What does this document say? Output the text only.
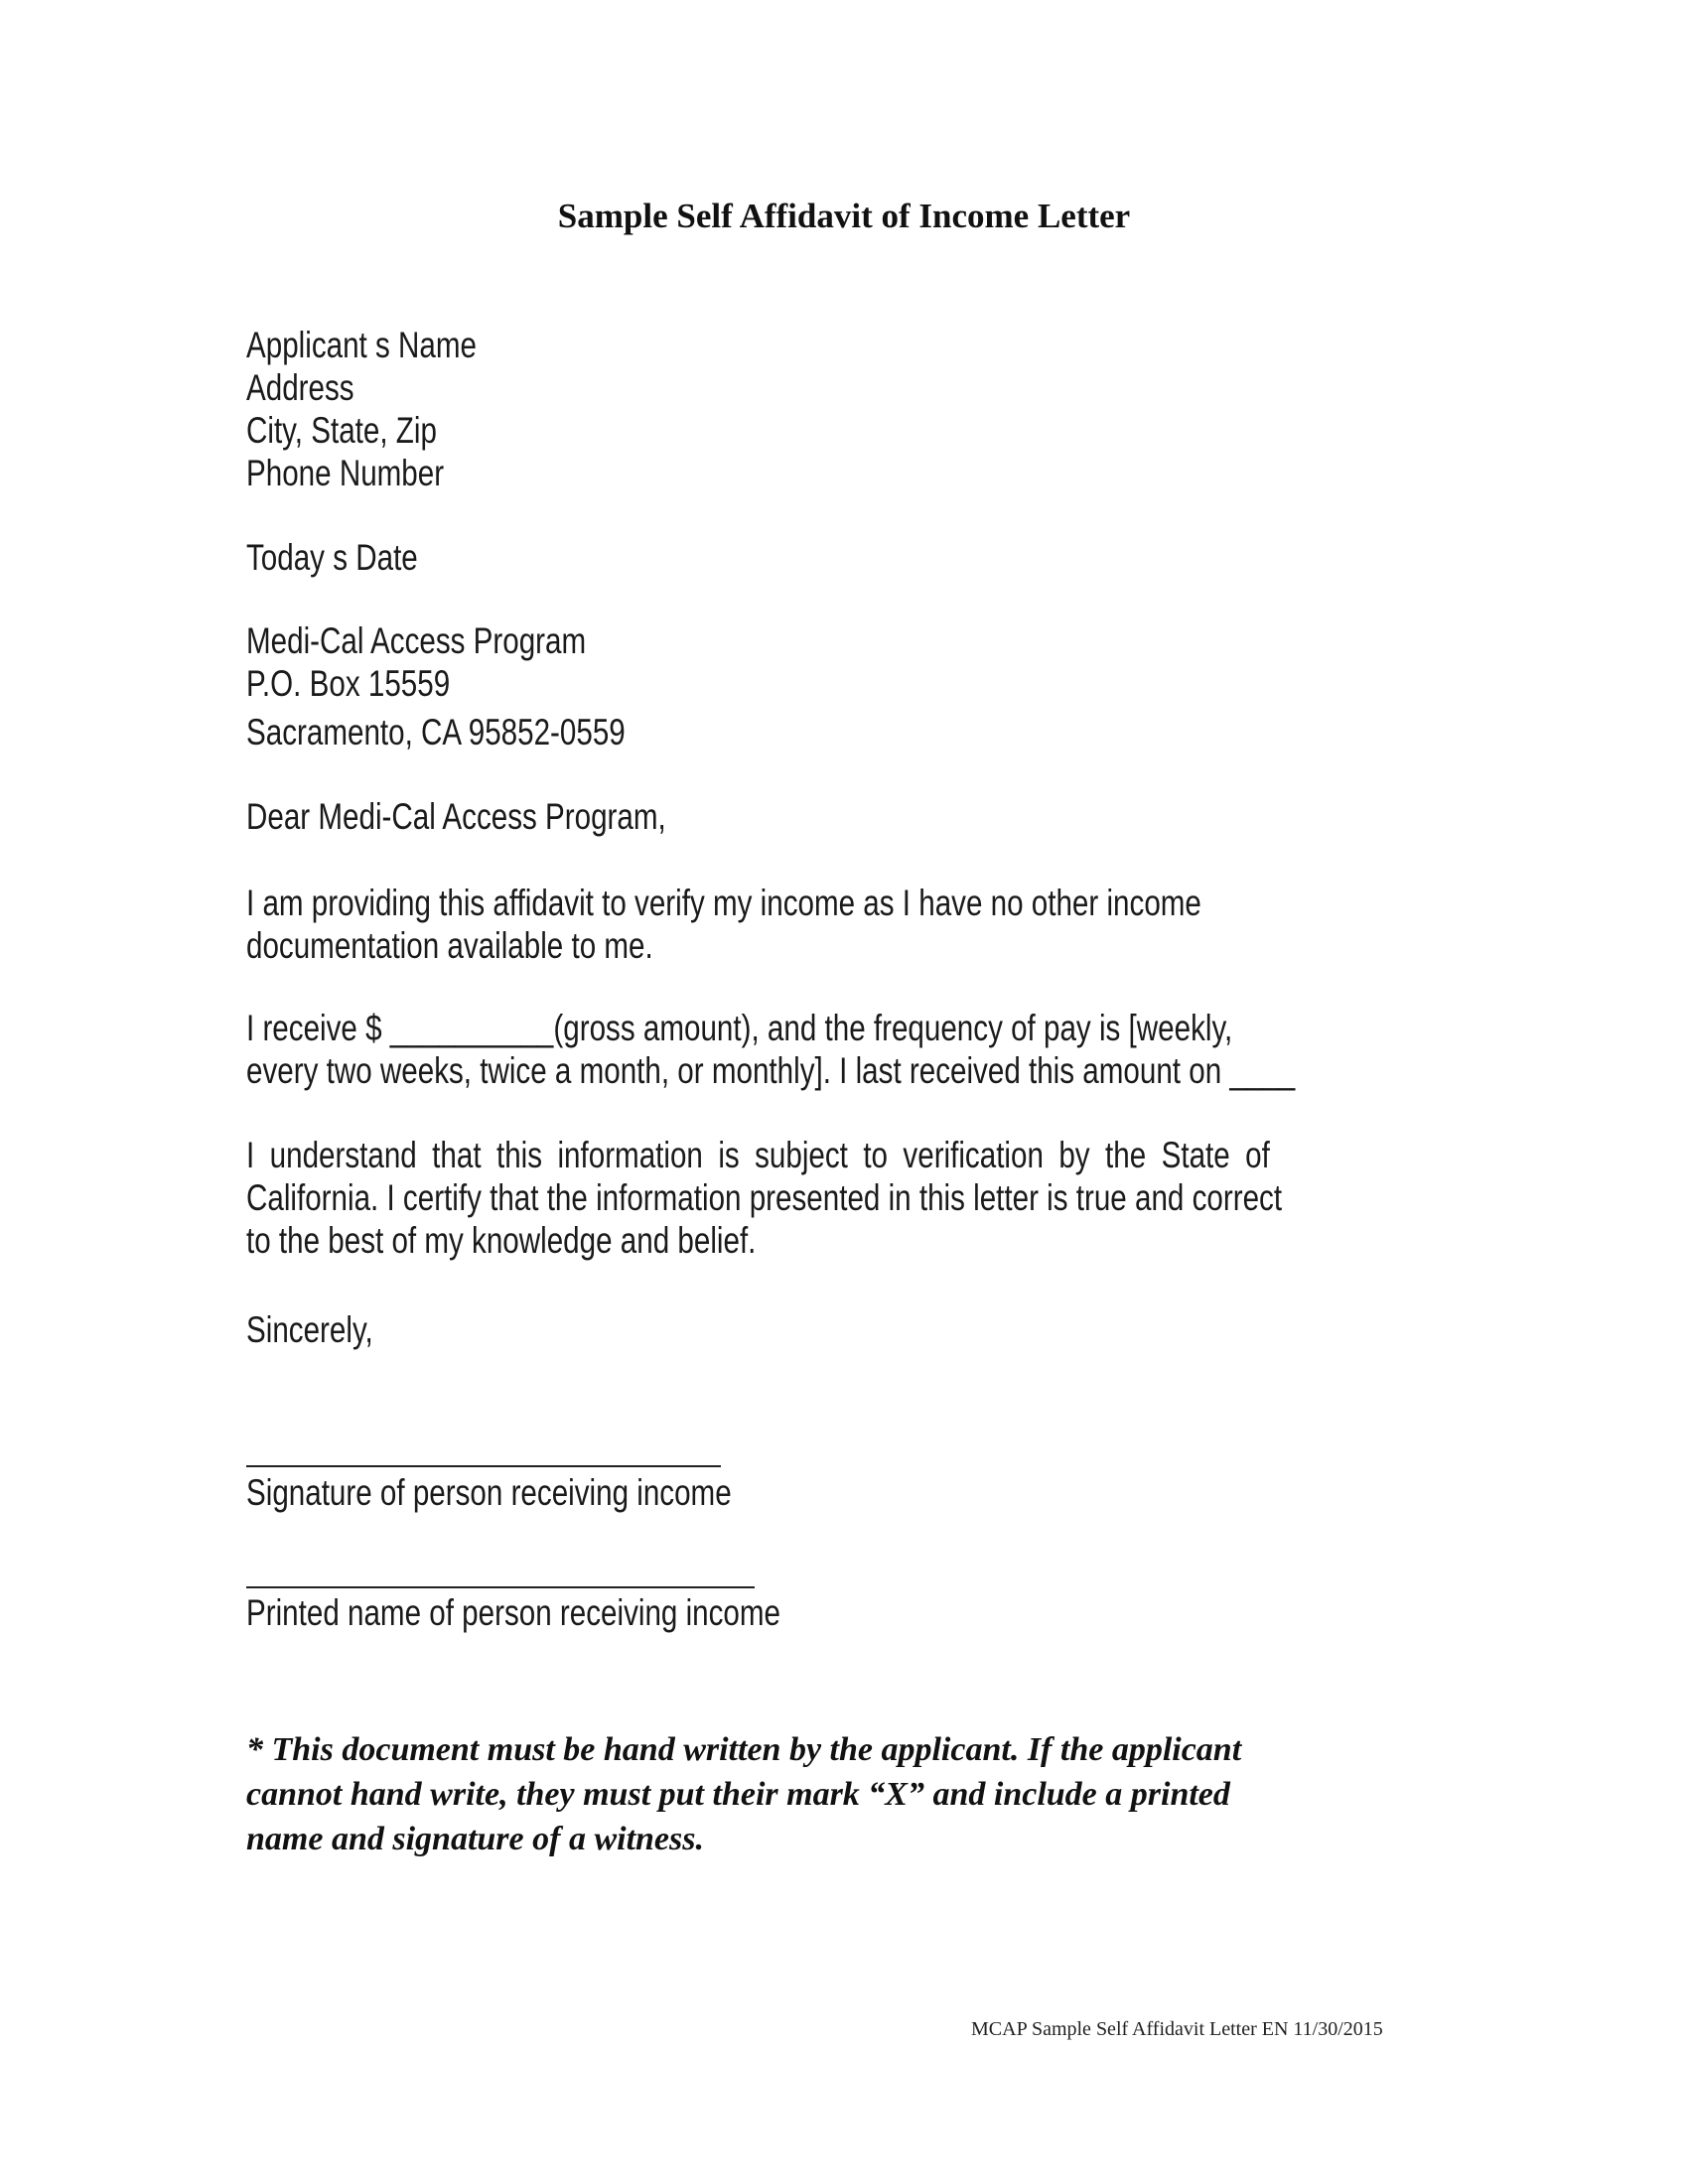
Sample Self Affidavit of Income Letter
Applicant s Name
Address
City, State, Zip
Phone Number
Today s Date
Medi-Cal Access Program
P.O. Box 15559
Sacramento, CA 95852-0559
Dear Medi-Cal Access Program,
I am providing this affidavit to verify my income as I have no other income
documentation available to me.
I receive $ __________(gross amount), and the frequency of pay is [weekly,
every two weeks, twice a month, or monthly]. I last received this amount on ____
I understand that this information is subject to verification by the State of
California. I certify that the information presented in this letter is true and correct
to the best of my knowledge and belief.
Sincerely,
Signature of person receiving income
Printed name of person receiving income
* This document must be hand written by the applicant. If the applicant
cannot hand write, they must put their mark “X” and include a printed
name and signature of a witness.
MCAP Sample Self Affidavit Letter EN 11/30/2015
